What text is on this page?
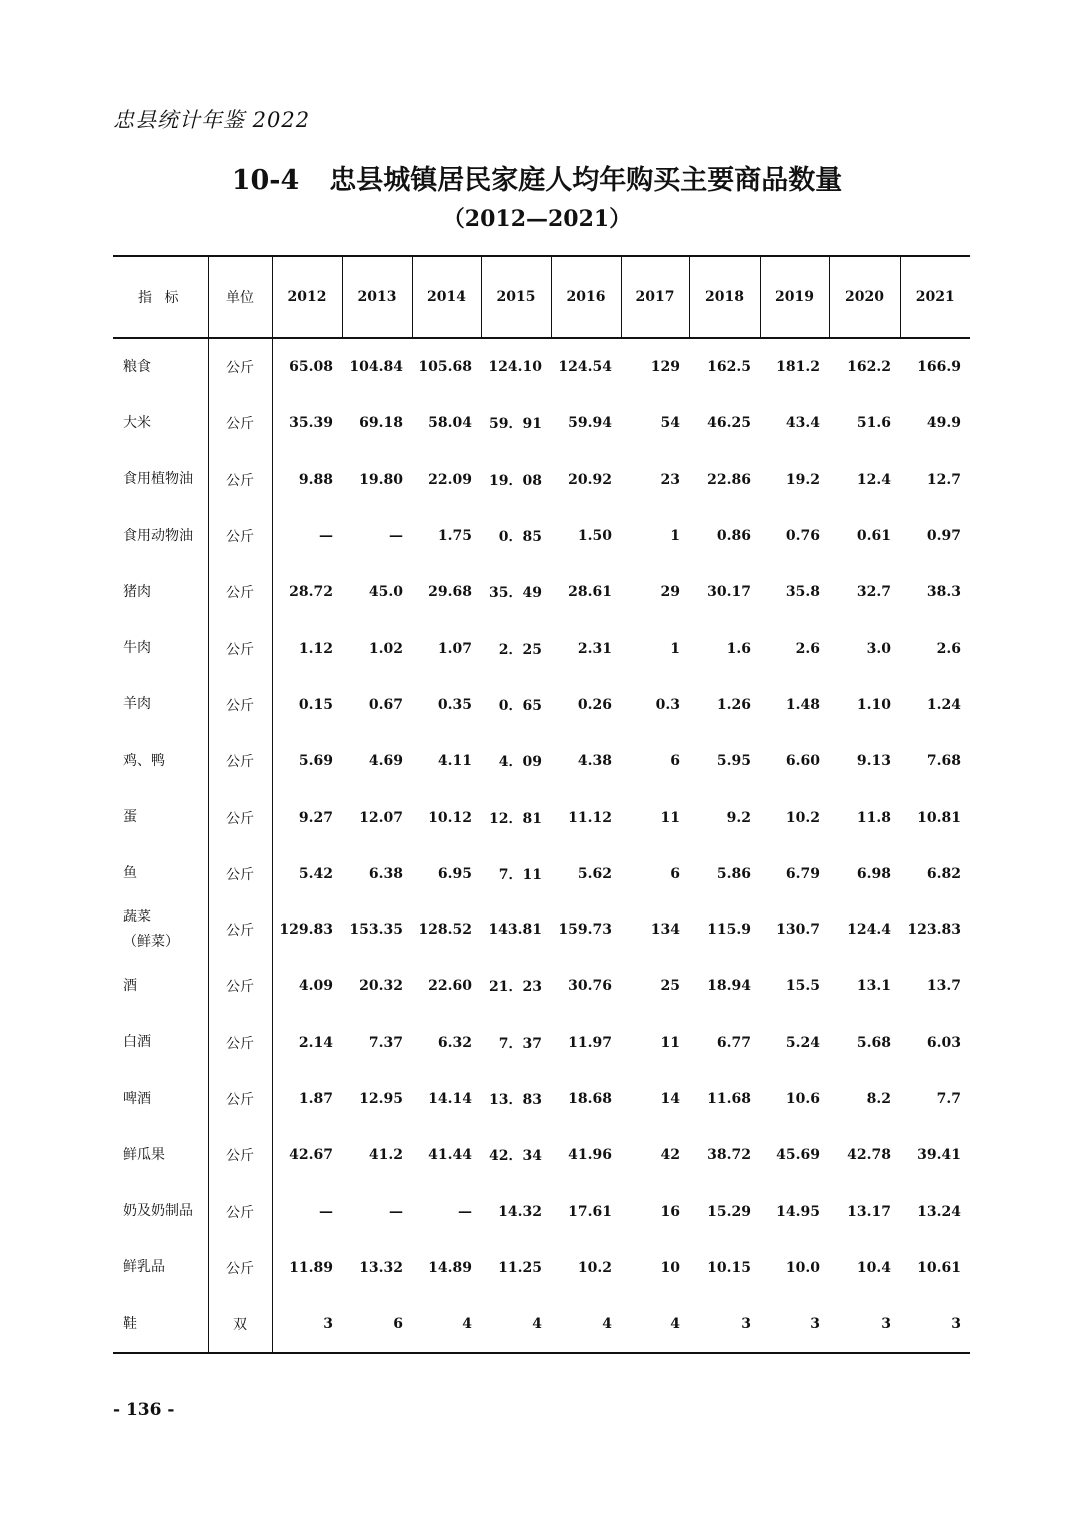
忠县统计年鉴 2022
10-4 忠县城镇居民家庭人均年购买主要商品数量
（2012—2021）
指 标	单位	2012	2013	2014	2015	2016	2017	2018	2019	2020	2021
粮食	公斤	65.08	104.84	105.68	124.10	124.54	129	162.5	181.2	162.2	166.9
大米	公斤	35.39	69.18	58.04	59．91	59.94	54	46.25	43.4	51.6	49.9
食用植物油	公斤	9.88	19.80	22.09	19．08	20.92	23	22.86	19.2	12.4	12.7
食用动物油	公斤	—	—	1.75	0．85	1.50	1	0.86	0.76	0.61	0.97
猪肉	公斤	28.72	45.0	29.68	35．49	28.61	29	30.17	35.8	32.7	38.3
牛肉	公斤	1.12	1.02	1.07	2．25	2.31	1	1.6	2.6	3.0	2.6
羊肉	公斤	0.15	0.67	0.35	0．65	0.26	0.3	1.26	1.48	1.10	1.24
鸡、鸭	公斤	5.69	4.69	4.11	4．09	4.38	6	5.95	6.60	9.13	7.68
蛋	公斤	9.27	12.07	10.12	12．81	11.12	11	9.2	10.2	11.8	10.81
鱼	公斤	5.42	6.38	6.95	7．11	5.62	6	5.86	6.79	6.98	6.82
蔬菜
（鲜菜）	公斤	129.83	153.35	128.52	143.81	159.73	134	115.9	130.7	124.4	123.83
酒	公斤	4.09	20.32	22.60	21．23	30.76	25	18.94	15.5	13.1	13.7
白酒	公斤	2.14	7.37	6.32	7．37	11.97	11	6.77	5.24	5.68	6.03
啤酒	公斤	1.87	12.95	14.14	13．83	18.68	14	11.68	10.6	8.2	7.7
鲜瓜果	公斤	42.67	41.2	41.44	42．34	41.96	42	38.72	45.69	42.78	39.41
奶及奶制品	公斤	—	—	—	14.32	17.61	16	15.29	14.95	13.17	13.24
鲜乳品	公斤	11.89	13.32	14.89	11.25	10.2	10	10.15	10.0	10.4	10.61
鞋	双	3	6	4	4	4	4	3	3	3	3
- 136 -
